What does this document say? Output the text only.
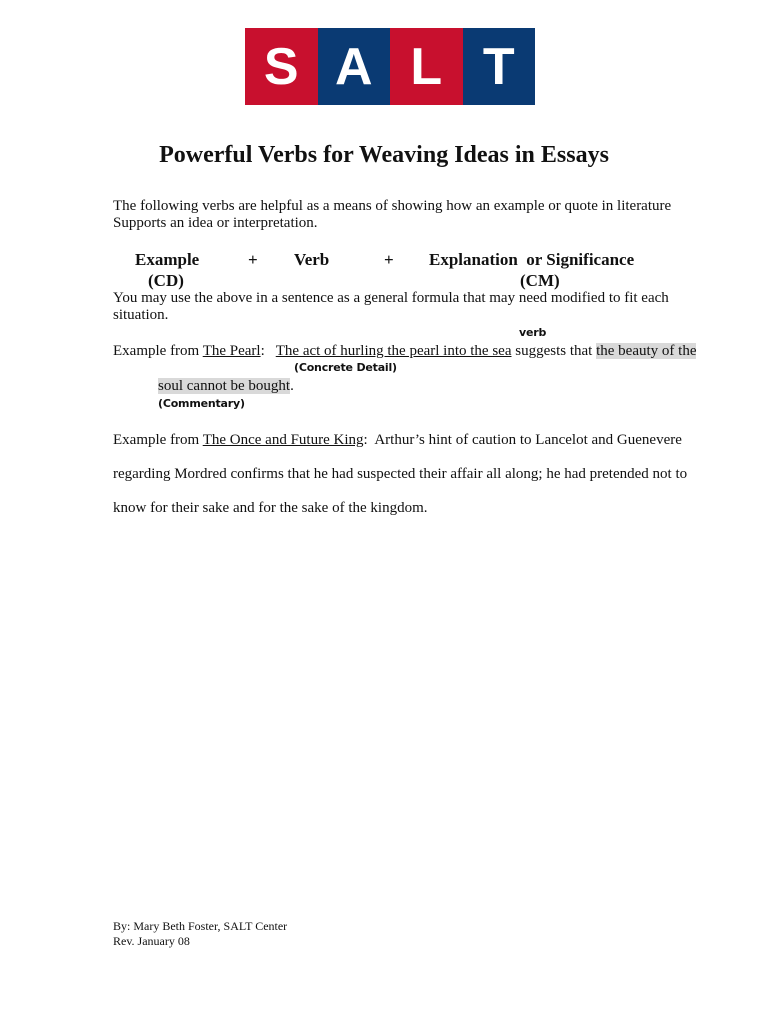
S A L T
Powerful Verbs for Weaving Ideas in Essays
The following verbs are helpful as a means of showing how an example or quote in literature Supports an idea or interpretation.
Example	+ Verb	+ Explanation  or Significance
(CD)	(CM)
You may use the above in a sentence as a general formula that may need modified to fit each situation.
verb
Example from The Pearl:   The act of hurling the pearl into the sea suggests that the beauty of the
(Concrete Detail)
soul cannot be bought.
(Commentary)
Example from The Once and Future King:  Arthur’s hint of caution to Lancelot and Guenevere
regarding Mordred confirms that he had suspected their affair all along; he had pretended not to
know for their sake and for the sake of the kingdom.
By: Mary Beth Foster, SALT Center
Rev. January 08
